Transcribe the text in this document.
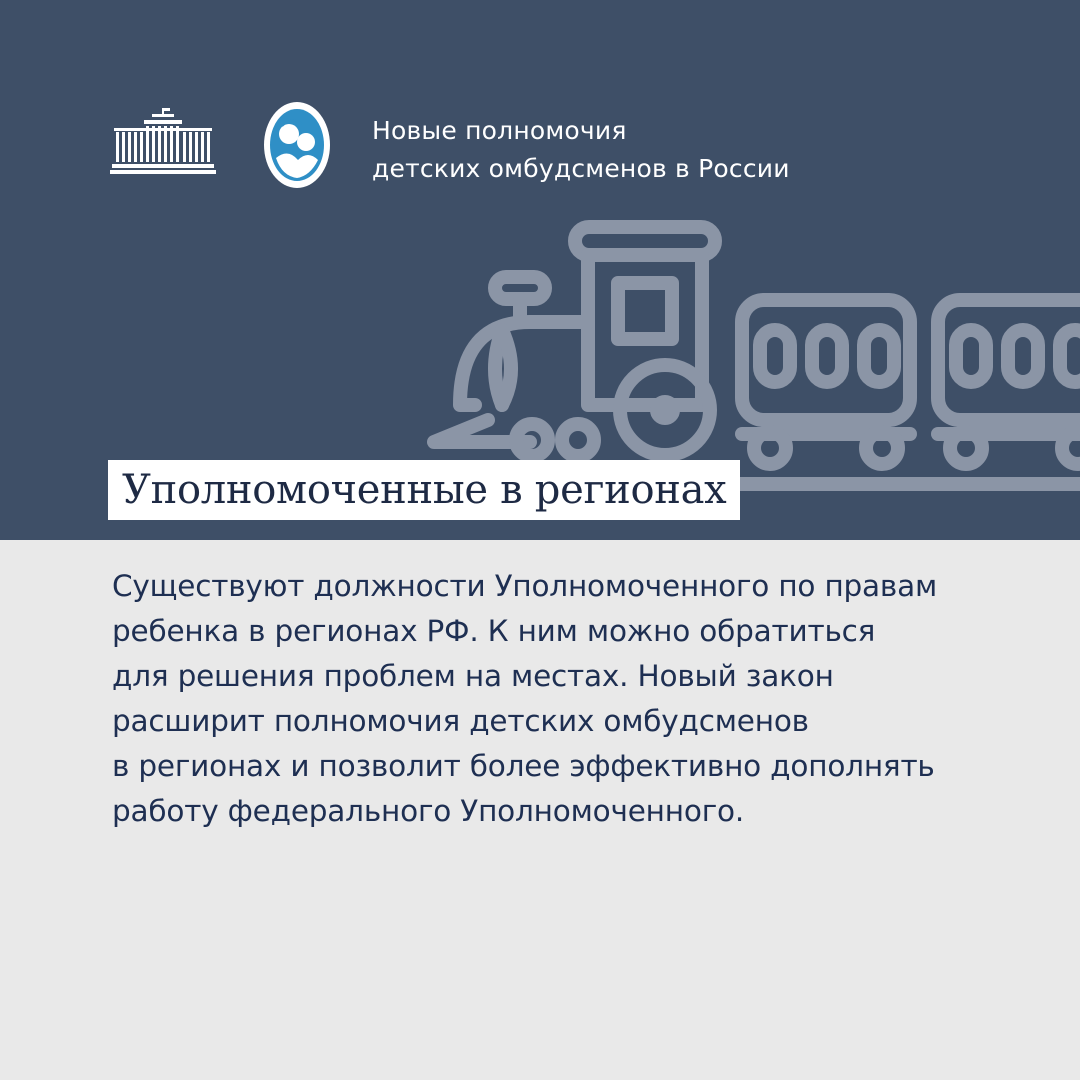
Новые полномочия
детских омбудсменов в России
Уполномоченные в регионах
Существуют должности Уполномоченного по правам
ребенка в регионах РФ. К ним можно обратиться
для решения проблем на местах. Новый закон
расширит полномочия детских омбудсменов
в регионах и позволит более эффективно дополнять
работу федерального Уполномоченного.
